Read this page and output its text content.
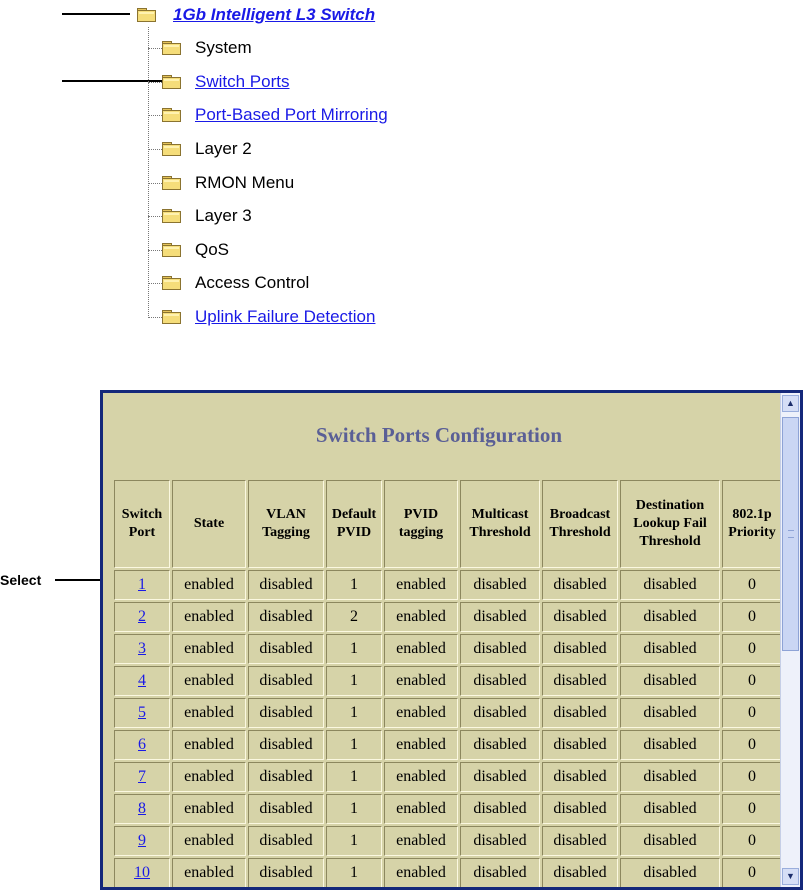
Select
1Gb Intelligent L3 Switch
System
Switch Ports
Port-Based Port Mirroring
Layer 2
RMON Menu
Layer 3
QoS
Access Control
Uplink Failure Detection
Switch Ports Configuration
Switch Port	State	VLAN Tagging	Default PVID	PVID tagging	Multicast Threshold	Broadcast Threshold	Destination Lookup Fail Threshold	802.1p Priority
1	enabled	disabled	1	enabled	disabled	disabled	disabled	0
2	enabled	disabled	2	enabled	disabled	disabled	disabled	0
3	enabled	disabled	1	enabled	disabled	disabled	disabled	0
4	enabled	disabled	1	enabled	disabled	disabled	disabled	0
5	enabled	disabled	1	enabled	disabled	disabled	disabled	0
6	enabled	disabled	1	enabled	disabled	disabled	disabled	0
7	enabled	disabled	1	enabled	disabled	disabled	disabled	0
8	enabled	disabled	1	enabled	disabled	disabled	disabled	0
9	enabled	disabled	1	enabled	disabled	disabled	disabled	0
10	enabled	disabled	1	enabled	disabled	disabled	disabled	0
▲
▼
